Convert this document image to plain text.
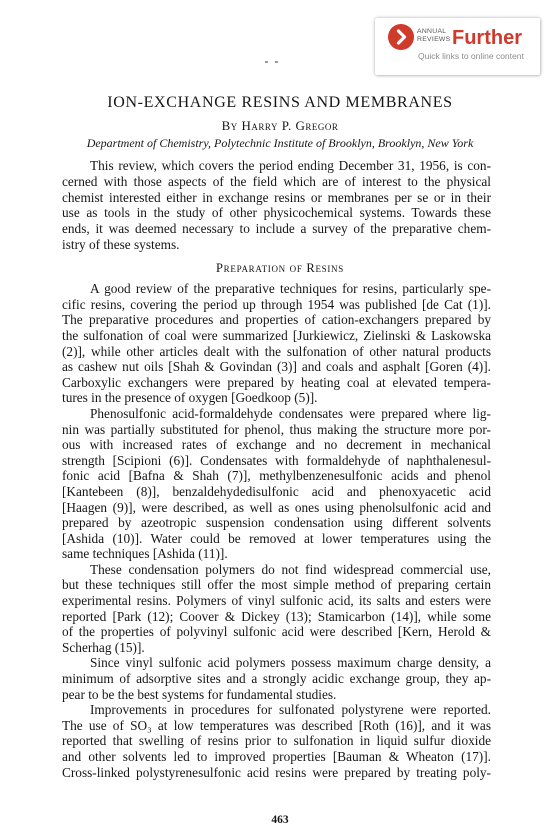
ANNUAL
REVIEWS Further
Quick links to online content
ION-EXCHANGE RESINS AND MEMBRANES
By Harry P. Gregor
Department of Chemistry, Polytechnic Institute of Brooklyn, Brooklyn, New York
This review, which covers the period ending December 31, 1956, is con-
cerned with those aspects of the field which are of interest to the physical
chemist interested either in exchange resins or membranes per se or in their
use as tools in the study of other physicochemical systems. Towards these
ends, it was deemed necessary to include a survey of the preparative chem-
istry of these systems.
Preparation of Resins
A good review of the preparative techniques for resins, particularly spe-
cific resins, covering the period up through 1954 was published [de Cat (1)].
The preparative procedures and properties of cation-exchangers prepared by
the sulfonation of coal were summarized [Jurkiewicz, Zielinski & Laskowska
(2)], while other articles dealt with the sulfonation of other natural products
as cashew nut oils [Shah & Govindan (3)] and coals and asphalt [Goren (4)].
Carboxylic exchangers were prepared by heating coal at elevated tempera-
tures in the presence of oxygen [Goedkoop (5)].
Phenosulfonic acid-formaldehyde condensates were prepared where lig-
nin was partially substituted for phenol, thus making the structure more por-
ous with increased rates of exchange and no decrement in mechanical
strength [Scipioni (6)]. Condensates with formaldehyde of naphthalenesul-
fonic acid [Bafna & Shah (7)], methylbenzenesulfonic acids and phenol
[Kantebeen (8)], benzaldehydedisulfonic acid and phenoxyacetic acid
[Haagen (9)], were described, as well as ones using phenolsulfonic acid and
prepared by azeotropic suspension condensation using different solvents
[Ashida (10)]. Water could be removed at lower temperatures using the
same techniques [Ashida (11)].
These condensation polymers do not find widespread commercial use,
but these techniques still offer the most simple method of preparing certain
experimental resins. Polymers of vinyl sulfonic acid, its salts and esters were
reported [Park (12); Coover & Dickey (13); Stamicarbon (14)], while some
of the properties of polyvinyl sulfonic acid were described [Kern, Herold &
Scherhag (15)].
Since vinyl sulfonic acid polymers possess maximum charge density, a
minimum of adsorptive sites and a strongly acidic exchange group, they ap-
pear to be the best systems for fundamental studies.
Improvements in procedures for sulfonated polystyrene were reported.
The use of SO₃ at low temperatures was described [Roth (16)], and it was
reported that swelling of resins prior to sulfonation in liquid sulfur dioxide
and other solvents led to improved properties [Bauman & Wheaton (17)].
Cross-linked polystyrenesulfonic acid resins were prepared by treating poly-
463
